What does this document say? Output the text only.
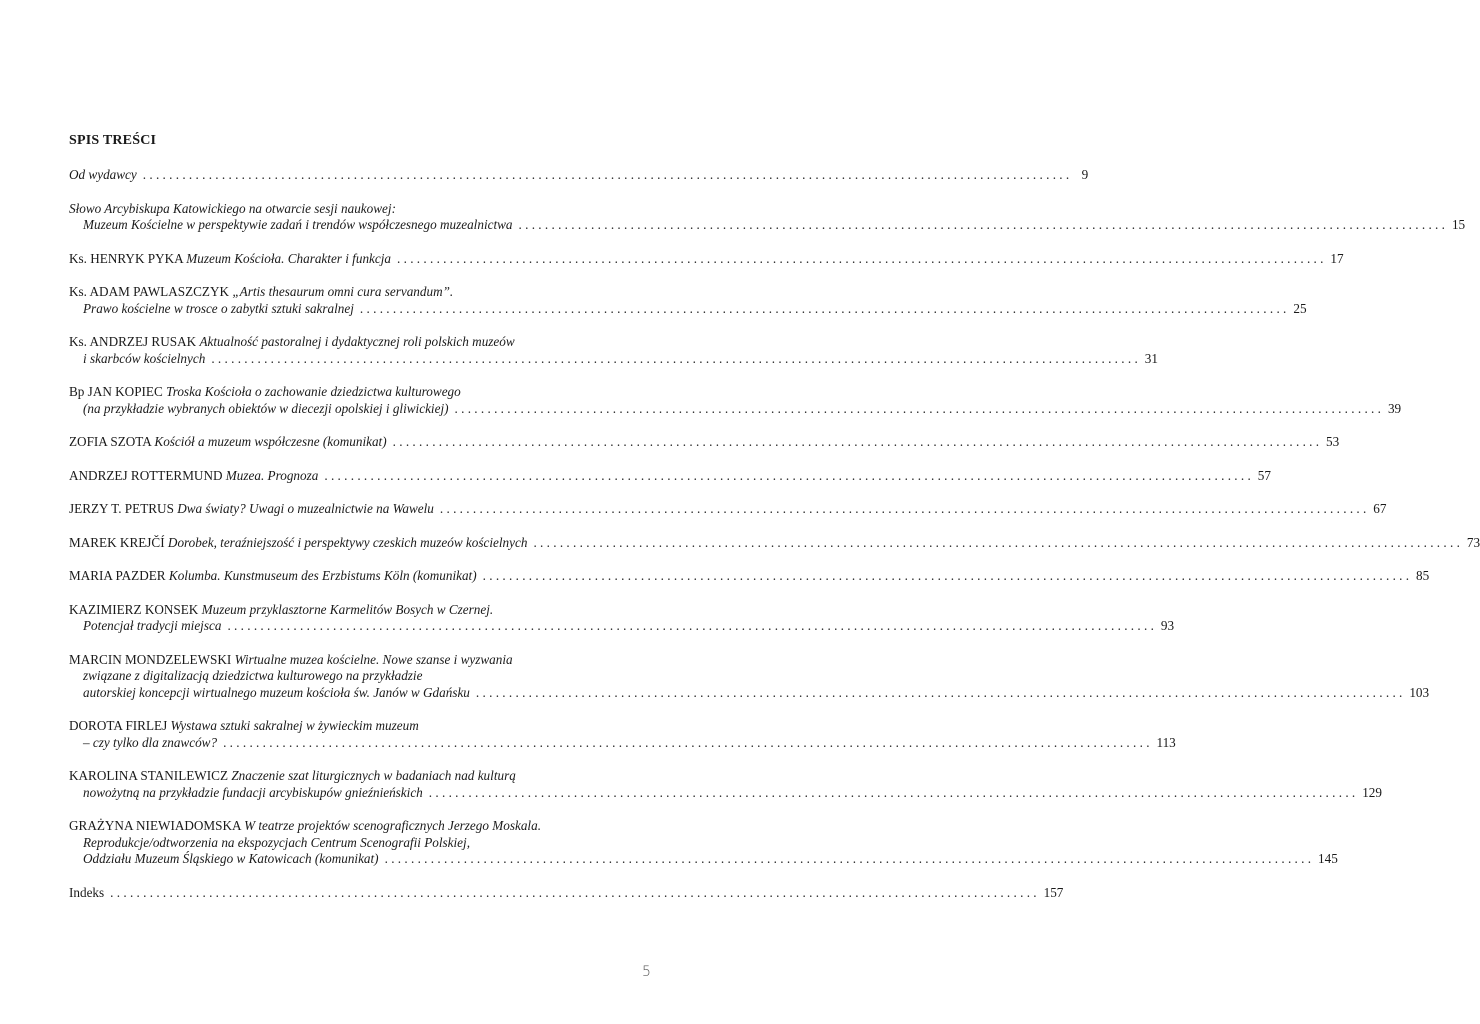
SPIS TREŚCI
Od wydawcy . . .	9
Słowo Arcybiskupa Katowickiego na otwarcie sesji naukowej:
Muzeum Kościelne w perspektywie zadań i trendów współczesnego muzealnictwa . . .	15
Ks. HENRYK PYKA Muzeum Kościoła. Charakter i funkcja . . .	17
Ks. ADAM PAWLASZCZYK „Artis thesaurum omni cura servandum”.
Prawo kościelne w trosce o zabytki sztuki sakralnej . . .	25
Ks. ANDRZEJ RUSAK Aktualność pastoralnej i dydaktycznej roli polskich muzeów
i skarbców kościelnych . . .	31
Bp JAN KOPIEC Troska Kościoła o zachowanie dziedzictwa kulturowego
(na przykładzie wybranych obiektów w diecezji opolskiej i gliwickiej) . . .	39
ZOFIA SZOTA Kościół a muzeum współczesne (komunikat) . . .	53
ANDRZEJ ROTTERMUND Muzea. Prognoza . . .	57
JERZY T. PETRUS Dwa światy? Uwagi o muzealnictwie na Wawelu . . .	67
MAREK KREJČÍ Dorobek, teraźniejszość i perspektywy czeskich muzeów kościelnych . . .	73
MARIA PAZDER Kolumba. Kunstmuseum des Erzbistums Köln (komunikat) . . .	85
KAZIMIERZ KONSEK Muzeum przyklasztorne Karmelitów Bosych w Czernej.
Potencjał tradycji miejsca . . .	93
MARCIN MONDZELEWSKI Wirtualne muzea kościelne. Nowe szanse i wyzwania
związane z digitalizacją dziedzictwa kulturowego na przykładzie
autorskiej koncepcji wirtualnego muzeum kościoła św. Janów w Gdańsku . . .	103
DOROTA FIRLEJ Wystawa sztuki sakralnej w żywieckim muzeum
– czy tylko dla znawców? . . .	113
KAROLINA STANILEWICZ Znaczenie szat liturgicznych w badaniach nad kulturą
nowożytną na przykładzie fundacji arcybiskupów gnieźnieńskich . . .	129
GRAŻYNA NIEWIADOMSKA W teatrze projektów scenograficznych Jerzego Moskala.
Reprodukcje/odtworzenia na ekspozycjach Centrum Scenografii Polskiej,
Oddziału Muzeum Śląskiego w Katowicach (komunikat) . . .	145
Indeks . . .	157
5
